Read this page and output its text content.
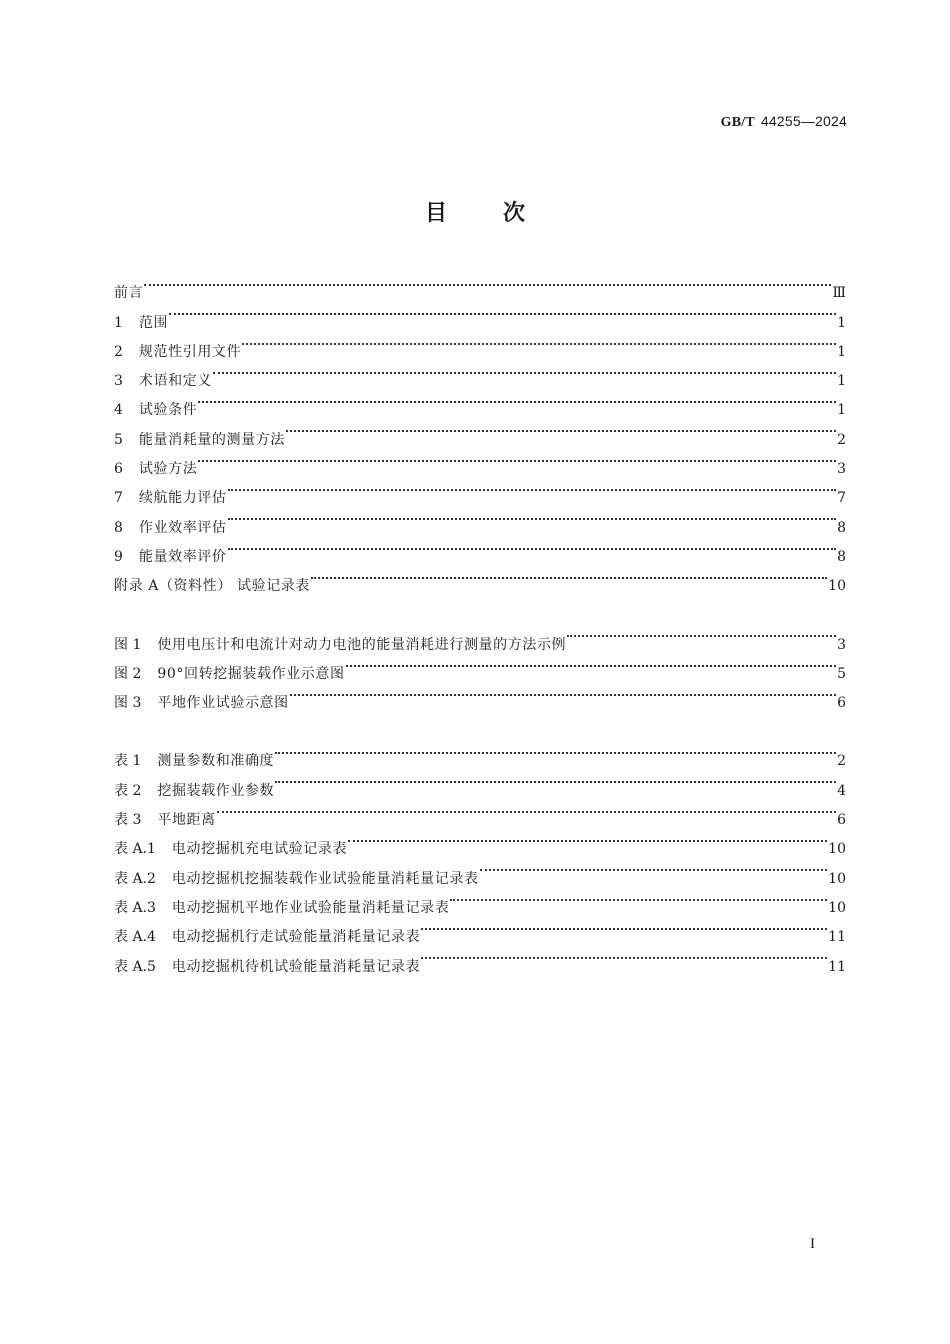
GB/T 44255—2024
目次
前言	Ⅲ
1 范围	1
2 规范性引用文件	1
3 术语和定义	1
4 试验条件	1
5 能量消耗量的测量方法	2
6 试验方法	3
7 续航能力评估	7
8 作业效率评估	8
9 能量效率评价	8
附录 A（资料性） 试验记录表	10
图 1 使用电压计和电流计对动力电池的能量消耗进行测量的方法示例	3
图 2 90°回转挖掘装载作业示意图	5
图 3 平地作业试验示意图	6
表 1 测量参数和准确度	2
表 2 挖掘装载作业参数	4
表 3 平地距离	6
表 A.1 电动挖掘机充电试验记录表	10
表 A.2 电动挖掘机挖掘装载作业试验能量消耗量记录表	10
表 A.3 电动挖掘机平地作业试验能量消耗量记录表	10
表 A.4 电动挖掘机行走试验能量消耗量记录表	11
表 A.5 电动挖掘机待机试验能量消耗量记录表	11
I
